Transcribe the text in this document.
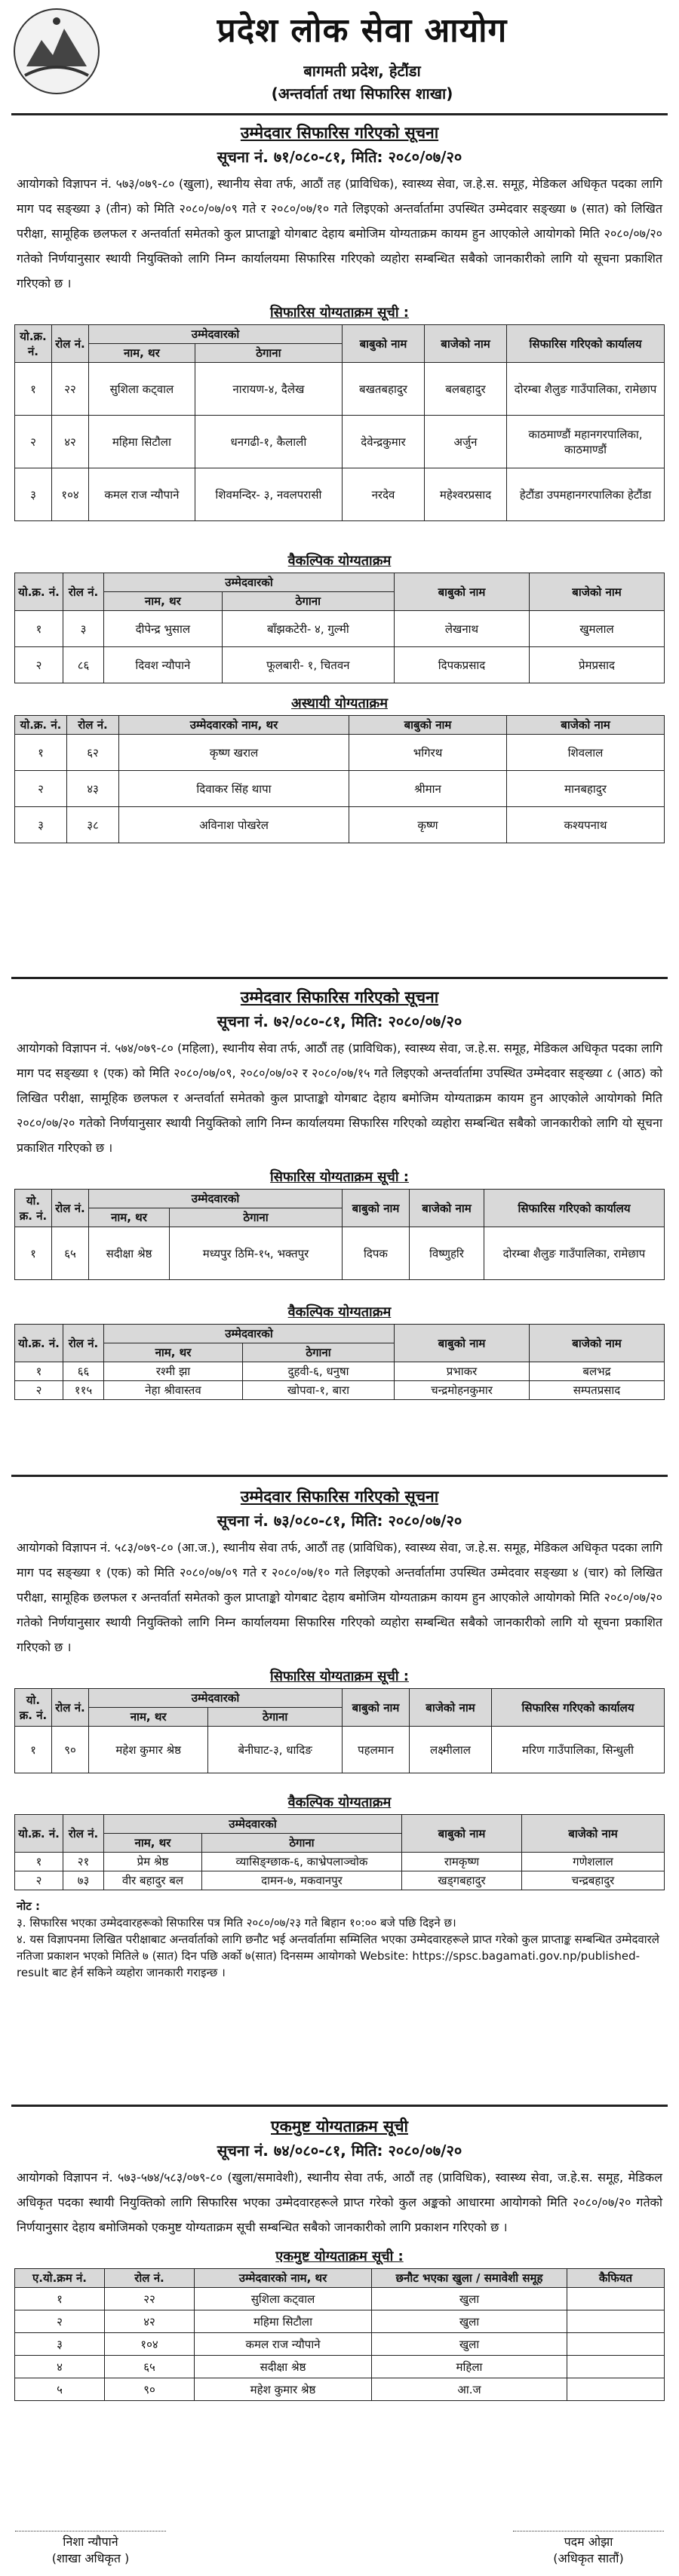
प्रदेश लोक सेवा आयोग
बागमती प्रदेश, हेटौंडा
(अन्तर्वार्ता तथा सिफारिस शाखा)

उम्मेदवार सिफारिस गरिएको सूचना

सूचना नं. ७१/०८०-८१, मिति: २०८०/०७/२०

आयोगको विज्ञापन नं. ५७३/०७९-८० (खुला), स्थानीय सेवा तर्फ, आठौं तह (प्राविधिक), स्वास्थ्य सेवा, ज.हे.स. समूह, मेडिकल अधिकृत पदका लागि माग पद सङ्ख्या ३ (तीन) को मिति २०८०/०७/०९ गते र २०८०/०७/१० गते लिइएको अन्तर्वार्तामा उपस्थित उम्मेदवार सङ्ख्या ७ (सात) को लिखित परीक्षा, सामूहिक छलफल र अन्तर्वार्ता समेतको कुल प्राप्ताङ्को योगबाट देहाय बमोजिम योग्यताक्रम कायम हुन आएकोले आयोगको मिति २०८०/०७/२० गतेको निर्णयानुसार स्थायी नियुक्तिको लागि निम्न कार्यालयमा सिफारिस गरिएको व्यहोरा सम्बन्धित सबैको जानकारीको लागि यो सूचना प्रकाशित गरिएको छ ।

सिफारिस योग्यताक्रम सूची :

यो.क्र. नं.	रोल नं.	उम्मेदवारको		बाबुको नाम	बाजेको नाम	सिफारिस गरिएको कार्यालय
		नाम, थर	ठेगाना			
१	२२	सुशिला कट्वाल	नारायण-४, दैलेख	बखतबहादुर	बलबहादुर	दोरम्बा शैलुङ गाउँपालिका, रामेछाप
२	४२	महिमा सिटौला	धनगढी-१, कैलाली	देवेन्द्रकुमार	अर्जुन	काठमाण्डौं महानगरपालिका, काठमाण्डौं
३	१०४	कमल राज न्यौपाने	शिवमन्दिर- ३, नवलपरासी	नरदेव	महेश्वरप्रसाद	हेटौंडा उपमहानगरपालिका हेटौंडा

वैकल्पिक योग्यताक्रम

यो.क्र. नं.	रोल नं.	उम्मेदवारको		बाबुको नाम	बाजेको नाम
		नाम, थर	ठेगाना		
१	३	दीपेन्द्र भुसाल	बाँझकटेरी- ४, गुल्मी	लेखनाथ	खुमलाल
२	८६	दिवश न्यौपाने	फूलबारी- १, चितवन	दिपकप्रसाद	प्रेमप्रसाद

अस्थायी योग्यताक्रम

यो.क्र. नं.	रोल नं.	उम्मेदवारको नाम, थर	बाबुको नाम	बाजेको नाम
१	६२	कृष्ण खराल	भगिरथ	शिवलाल
२	४३	दिवाकर सिंह थापा	श्रीमान	मानबहादुर
३	३८	अविनाश पोखरेल	कृष्ण	कश्यपनाथ

उम्मेदवार सिफारिस गरिएको सूचना

सूचना नं. ७२/०८०-८१, मिति: २०८०/०७/२०

आयोगको विज्ञापन नं. ५७४/०७९-८० (महिला), स्थानीय सेवा तर्फ, आठौं तह (प्राविधिक), स्वास्थ्य सेवा, ज.हे.स. समूह, मेडिकल अधिकृत पदका लागि माग पद सङ्ख्या १ (एक) को मिति २०८०/०७/०९, २०८०/०७/०२ र २०८०/०७/१५ गते लिइएको अन्तर्वार्तामा उपस्थित उम्मेदवार सङ्ख्या ८ (आठ) को लिखित परीक्षा, सामूहिक छलफल र अन्तर्वार्ता समेतको कुल प्राप्ताङ्को योगबाट देहाय बमोजिम योग्यताक्रम कायम हुन आएकोले आयोगको मिति २०८०/०७/२० गतेको निर्णयानुसार स्थायी नियुक्तिको लागि निम्न कार्यालयमा सिफारिस गरिएको व्यहोरा सम्बन्धित सबैको जानकारीको लागि यो सूचना प्रकाशित गरिएको छ ।

सिफारिस योग्यताक्रम सूची :

यो. क्र. नं.	रोल नं.	उम्मेदवारको		बाबुको नाम	बाजेको नाम	सिफारिस गरिएको कार्यालय
		नाम, थर	ठेगाना			
१	६५	सदीक्षा श्रेष्ठ	मध्यपुर ठिमि-१५, भक्तपुर	दिपक	विष्णुहरि	दोरम्बा शैलुङ गाउँपालिका, रामेछाप

वैकल्पिक योग्यताक्रम

यो.क्र. नं.	रोल नं.	उम्मेदवारको		बाबुको नाम	बाजेको नाम
		नाम, थर	ठेगाना		
१	६६	रश्मी झा	दुहवी-६, धनुषा	प्रभाकर	बलभद्र
२	११५	नेहा श्रीवास्तव	खोपवा-१, बारा	चन्द्रमोहनकुमार	सम्पतप्रसाद

उम्मेदवार सिफारिस गरिएको सूचना

सूचना नं. ७३/०८०-८१, मिति: २०८०/०७/२०

आयोगको विज्ञापन नं. ५८३/०७९-८० (आ.ज.), स्थानीय सेवा तर्फ, आठौं तह (प्राविधिक), स्वास्थ्य सेवा, ज.हे.स. समूह, मेडिकल अधिकृत पदका लागि माग पद सङ्ख्या १ (एक) को मिति २०८०/०७/०९ गते र २०८०/०७/१० गते लिइएको अन्तर्वार्तामा उपस्थित उम्मेदवार सङ्ख्या ४ (चार) को लिखित परीक्षा, सामूहिक छलफल र अन्तर्वार्ता समेतको कुल प्राप्ताङ्को योगबाट देहाय बमोजिम योग्यताक्रम कायम हुन आएकोले आयोगको मिति २०८०/०७/२० गतेको निर्णयानुसार स्थायी नियुक्तिको लागि निम्न कार्यालयमा सिफारिस गरिएको व्यहोरा सम्बन्धित सबैको जानकारीको लागि यो सूचना प्रकाशित गरिएको छ ।

सिफारिस योग्यताक्रम सूची :

यो. क्र. नं.	रोल नं.	उम्मेदवारको		बाबुको नाम	बाजेको नाम	सिफारिस गरिएको कार्यालय
		नाम, थर	ठेगाना			
१	९०	महेश कुमार श्रेष्ठ	बेनीघाट-३, धादिङ	पहलमान	लक्ष्मीलाल	मरिण गाउँपालिका, सिन्धुली

वैकल्पिक योग्यताक्रम

यो.क्र. नं.	रोल नं.	उम्मेदवारको		बाबुको नाम	बाजेको नाम
		नाम, थर	ठेगाना		
१	२१	प्रेम श्रेष्ठ	व्यासिङ्ग्छाक-६, काभ्रेपलाञ्चोक	रामकृष्ण	गणेशलाल
२	७३	वीर बहादुर बल	दामन-७, मकवानपुर	खड्गबहादुर	चन्द्रबहादुर

नोट :

३. सिफारिस भएका उम्मेदवारहरूको सिफारिस पत्र मिति २०८०/०७/२३ गते बिहान १०:०० बजे पछि दिइने छ।

४. यस विज्ञापनमा लिखित परीक्षाबाट अन्तर्वार्ताको लागि छनौट भई अन्तर्वार्तामा सम्मिलित भएका उम्मेदवारहरूले प्राप्त गरेको कुल प्राप्ताङ्क सम्बन्धित उम्मेदवारले नतिजा प्रकाशन भएको मितिले ७ (सात) दिन पछि अर्को ७(सात) दिनसम्म आयोगको Website: https://spsc.bagamati.gov.np/published-result बाट हेर्न सकिने व्यहोरा जानकारी गराइन्छ ।

एकमुष्ट योग्यताक्रम सूची

सूचना नं. ७४/०८०-८१, मिति: २०८०/०७/२०

आयोगको विज्ञापन नं. ५७३-५७४/५८३/०७९-८० (खुला/समावेशी), स्थानीय सेवा तर्फ, आठौं तह (प्राविधिक), स्वास्थ्य सेवा, ज.हे.स. समूह, मेडिकल अधिकृत पदका स्थायी नियुक्तिको लागि सिफारिस भएका उम्मेदवारहरूले प्राप्त गरेको कुल अङ्कको आधारमा आयोगको मिति २०८०/०७/२० गतेको निर्णयानुसार देहाय बमोजिमको एकमुष्ट योग्यताक्रम सूची सम्बन्धित सबैको जानकारीको लागि प्रकाशन गरिएको छ ।

एकमुष्ट योग्यताक्रम सूची :

ए.यो.क्रम नं.	रोल नं.	उम्मेदवारको नाम, थर	छनौट भएका खुला / समावेशी समूह	कैफियत
१	२२	सुशिला कट्वाल	खुला	
२	४२	महिमा सिटौला	खुला	
३	१०४	कमल राज न्यौपाने	खुला	
४	६५	सदीक्षा श्रेष्ठ	महिला	
५	९०	महेश कुमार श्रेष्ठ	आ.ज	
निशा न्यौपाने
(शाखा अधिकृत )
पदम ओझा
(अधिकृत सातौं)
